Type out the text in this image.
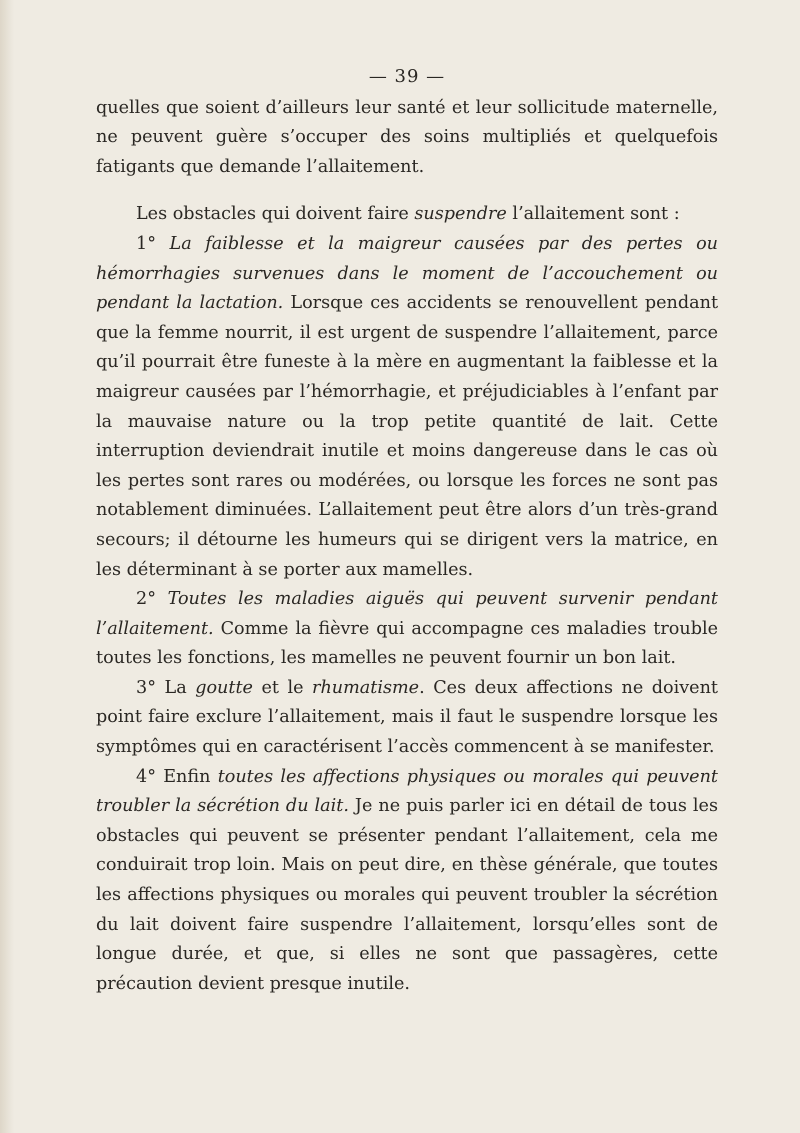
— 39 —

quelles que soient d’ailleurs leur santé et leur sollicitude maternelle, ne peuvent guère s’occuper des soins multipliés et quelquefois fatigants que demande l’allaitement.

Les obstacles qui doivent faire suspendre l’allaitement sont :

1° La faiblesse et la maigreur causées par des pertes ou hémorrhagies survenues dans le moment de l’accouchement ou pendant la lactation. Lorsque ces accidents se renouvellent pendant que la femme nourrit, il est urgent de suspendre l’allaitement, parce qu’il pourrait être funeste à la mère en augmentant la faiblesse et la maigreur causées par l’hémorrhagie, et préjudiciables à l’enfant par la mauvaise nature ou la trop petite quantité de lait. Cette interruption deviendrait inutile et moins dangereuse dans le cas où les pertes sont rares ou modérées, ou lorsque les forces ne sont pas notablement diminuées. L’allaitement peut être alors d’un très-grand secours; il détourne les humeurs qui se dirigent vers la matrice, en les déterminant à se porter aux mamelles.

2° Toutes les maladies aiguës qui peuvent survenir pendant l’allaitement. Comme la fièvre qui accompagne ces maladies trouble toutes les fonctions, les mamelles ne peuvent fournir un bon lait.

3° La goutte et le rhumatisme. Ces deux affections ne doivent point faire exclure l’allaitement, mais il faut le suspendre lorsque les symptômes qui en caractérisent l’accès commencent à se manifester.

4° Enfin toutes les affections physiques ou morales qui peuvent troubler la sécrétion du lait. Je ne puis parler ici en détail de tous les obstacles qui peuvent se présenter pendant l’allaitement, cela me conduirait trop loin. Mais on peut dire, en thèse générale, que toutes les affections physiques ou morales qui peuvent troubler la sécrétion du lait doivent faire suspendre l’allaitement, lorsqu’elles sont de longue durée, et que, si elles ne sont que passagères, cette précaution devient presque inutile.
